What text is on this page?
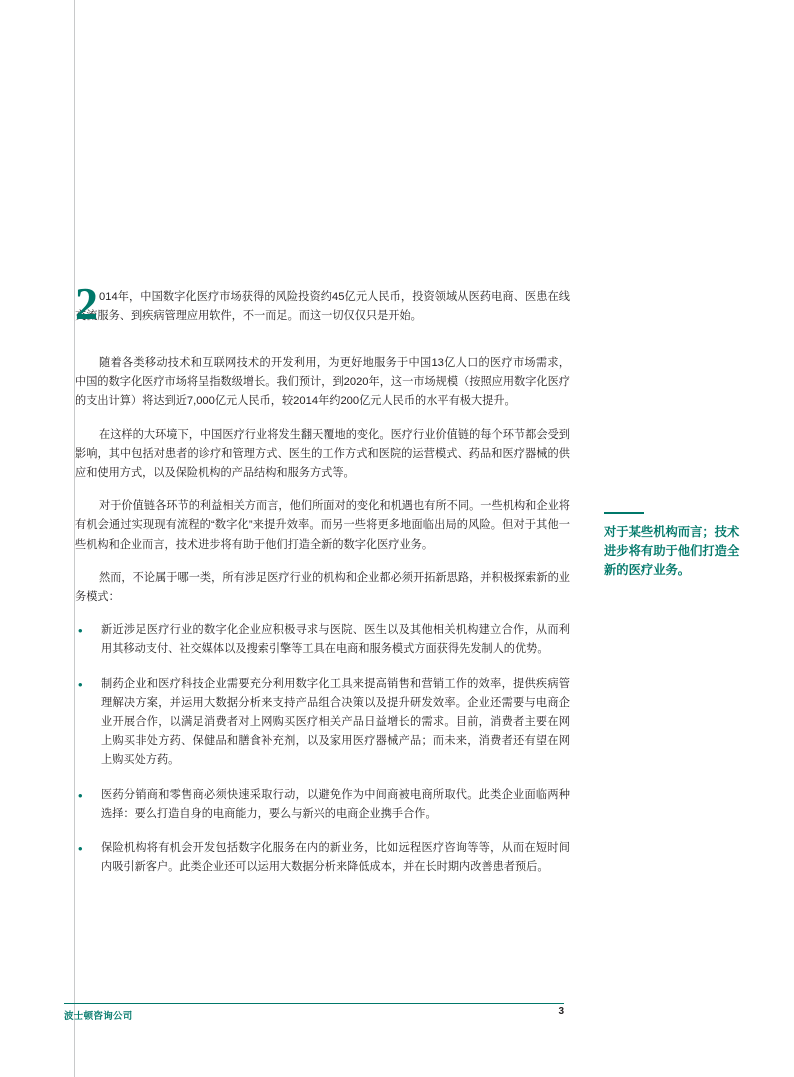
2 014年，中国数字化医疗市场获得的风险投资约45亿元人民币，投资领域从医药电商、医患在线交流服务、到疾病管理应用软件，不一而足。而这一切仅仅只是开始。

随着各类移动技术和互联网技术的开发利用，为更好地服务于中国13亿人口的医疗市场需求，中国的数字化医疗市场将呈指数级增长。我们预计，到2020年，这一市场规模（按照应用数字化医疗的支出计算）将达到近7,000亿元人民币，较2014年约200亿元人民币的水平有极大提升。

在这样的大环境下，中国医疗行业将发生翻天覆地的变化。医疗行业价值链的每个环节都会受到影响，其中包括对患者的诊疗和管理方式、医生的工作方式和医院的运营模式、药品和医疗器械的供应和使用方式，以及保险机构的产品结构和服务方式等。

对于价值链各环节的利益相关方而言，他们所面对的变化和机遇也有所不同。一些机构和企业将有机会通过实现现有流程的“数字化”来提升效率。而另一些将更多地面临出局的风险。但对于其他一些机构和企业而言，技术进步将有助于他们打造全新的数字化医疗业务。

然而，不论属于哪一类，所有涉足医疗行业的机构和企业都必须开拓新思路，并积极探索新的业务模式：

• 新近涉足医疗行业的数字化企业应积极寻求与医院、医生以及其他相关机构建立合作，从而利用其移动支付、社交媒体以及搜索引擎等工具在电商和服务模式方面获得先发制人的优势。
• 制药企业和医疗科技企业需要充分利用数字化工具来提高销售和营销工作的效率，提供疾病管理解决方案，并运用大数据分析来支持产品组合决策以及提升研发效率。企业还需要与电商企业开展合作，以满足消费者对上网购买医疗相关产品日益增长的需求。目前，消费者主要在网上购买非处方药、保健品和膳食补充剂，以及家用医疗器械产品；而未来，消费者还有望在网上购买处方药。
• 医药分销商和零售商必须快速采取行动，以避免作为中间商被电商所取代。此类企业面临两种选择：要么打造自身的电商能力，要么与新兴的电商企业携手合作。
• 保险机构将有机会开发包括数字化服务在内的新业务，比如远程医疗咨询等等，从而在短时间内吸引新客户。此类企业还可以运用大数据分析来降低成本，并在长时期内改善患者预后。
对于某些机构而言；技术进步将有助于他们打造全新的医疗业务。
波士顿咨询公司	3
